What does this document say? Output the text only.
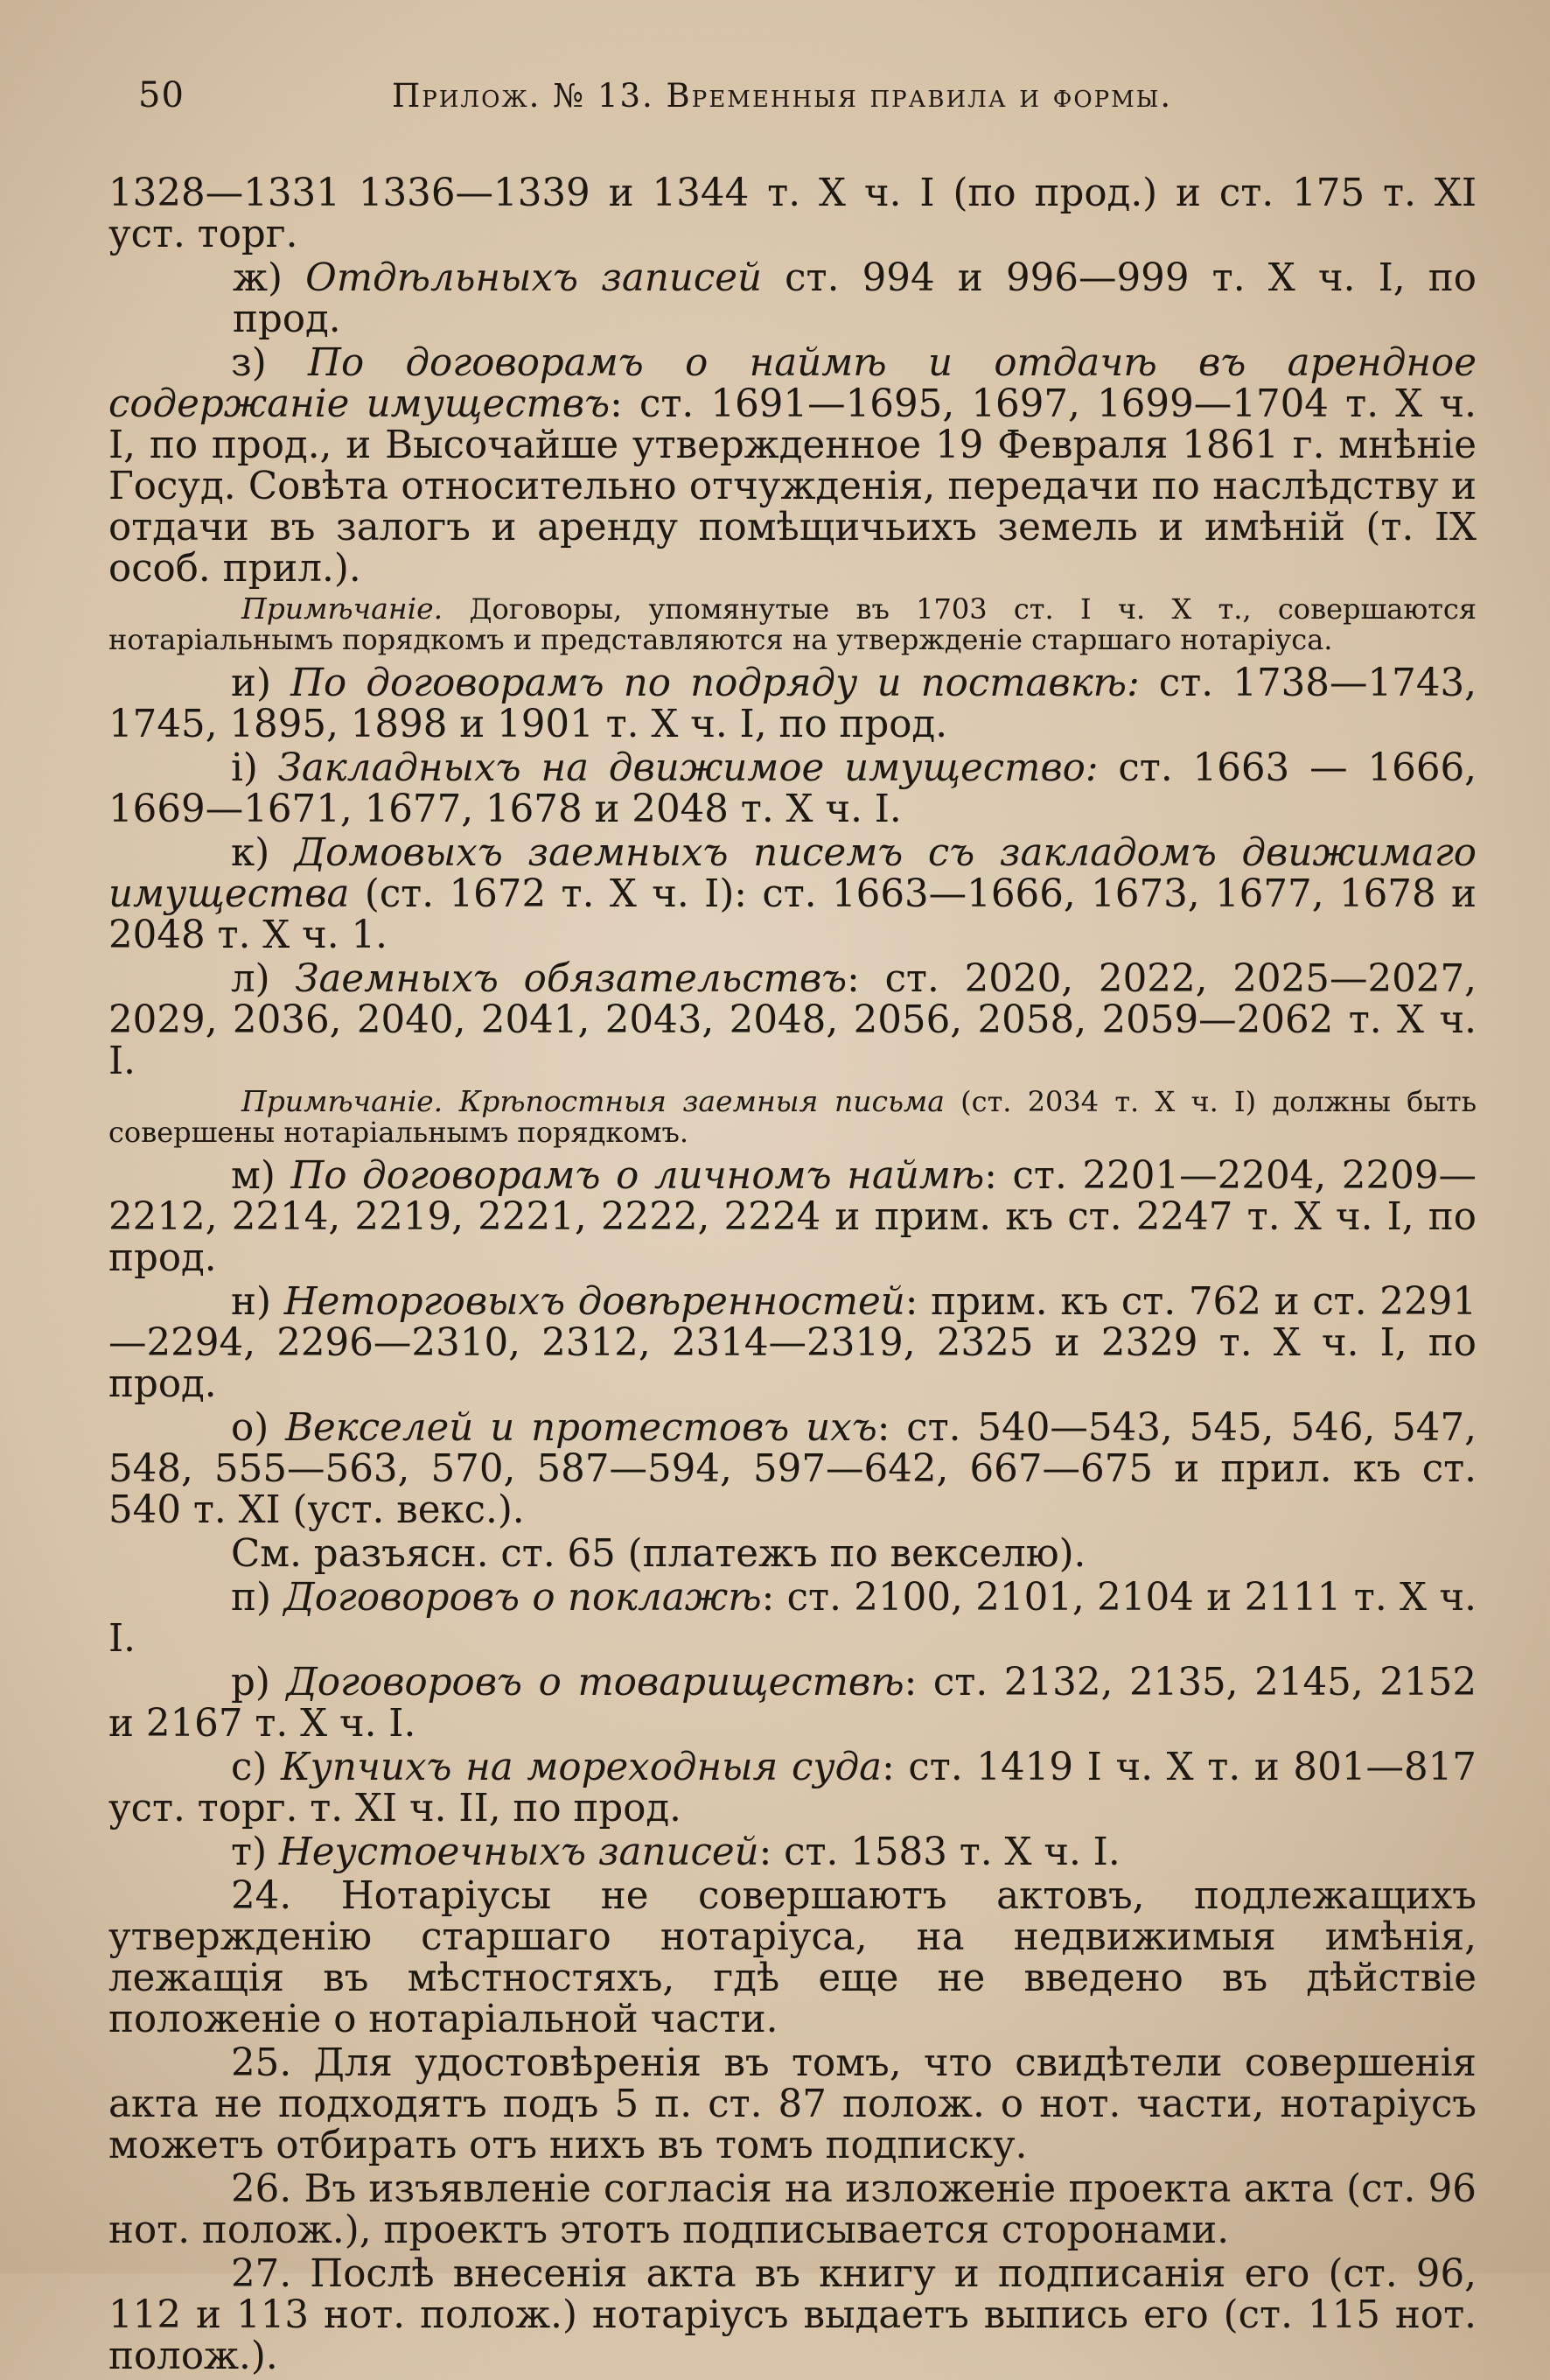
50	Прилож. № 13. Временныя правила и формы.

1328—1331 1336—1339 и 1344 т. X ч. I (по прод.) и ст. 175 т. XI уст. торг.

ж) Отдѣльныхъ записей ст. 994 и 996—999 т. X ч. I, по прод.

з) По договорамъ о наймѣ и отдачѣ въ арендное содержаніе имуществъ: ст. 1691—1695, 1697, 1699—1704 т. X ч. I, по прод., и Высочайше утвержденное 19 Февраля 1861 г. мнѣніе Госуд. Совѣта относительно отчужденія, передачи по наслѣдству и отдачи въ залогъ и аренду помѣщичьихъ земель и имѣній (т. IX особ. прил.).

Примѣчаніе. Договоры, упомянутые въ 1703 ст. I ч. X т., совершаются нотаріальнымъ порядкомъ и представляются на утвержденіе старшаго нотаріуса.

и) По договорамъ по подряду и поставкѣ: ст. 1738—1743, 1745, 1895, 1898 и 1901 т. X ч. I, по прод.

і) Закладныхъ на движимое имущество: ст. 1663 — 1666, 1669—1671, 1677, 1678 и 2048 т. X ч. I.

к) Домовыхъ заемныхъ писемъ съ закладомъ движимаго имущества (ст. 1672 т. X ч. I): ст. 1663—1666, 1673, 1677, 1678 и 2048 т. X ч. 1.

л) Заемныхъ обязательствъ: ст. 2020, 2022, 2025—2027, 2029, 2036, 2040, 2041, 2043, 2048, 2056, 2058, 2059—2062 т. X ч. I.

Примѣчаніе. Крѣпостныя заемныя письма (ст. 2034 т. X ч. I) должны быть совершены нотаріальнымъ порядкомъ.

м) По договорамъ о личномъ наймѣ: ст. 2201—2204, 2209—2212, 2214, 2219, 2221, 2222, 2224 и прим. къ ст. 2247 т. X ч. I, по прод.

н) Неторговыхъ довѣренностей: прим. къ ст. 762 и ст. 2291—2294, 2296—2310, 2312, 2314—2319, 2325 и 2329 т. X ч. I, по прод.

о) Векселей и протестовъ ихъ: ст. 540—543, 545, 546, 547, 548, 555—563, 570, 587—594, 597—642, 667—675 и прил. къ ст. 540 т. XI (уст. векс.).

См. разъясн. ст. 65 (платежъ по векселю).

п) Договоровъ о поклажѣ: ст. 2100, 2101, 2104 и 2111 т. X ч. I.

р) Договоровъ о товариществѣ: ст. 2132, 2135, 2145, 2152 и 2167 т. X ч. I.

с) Купчихъ на мореходныя суда: ст. 1419 I ч. X т. и 801—817 уст. торг. т. XI ч. II, по прод.

т) Неустоечныхъ записей: ст. 1583 т. X ч. I.

24. Нотаріусы не совершаютъ актовъ, подлежащихъ утвержденію старшаго нотаріуса, на недвижимыя имѣнія, лежащія въ мѣстностяхъ, гдѣ еще не введено въ дѣйствіе положеніе о нотаріальной части.

25. Для удостовѣренія въ томъ, что свидѣтели совершенія акта не подходятъ подъ 5 п. ст. 87 полож. о нот. части, нотаріусъ можетъ отбирать отъ нихъ въ томъ подписку.

26. Въ изъявленіе согласія на изложеніе проекта акта (ст. 96 нот. полож.), проектъ этотъ подписывается сторонами.

27. Послѣ внесенія акта въ книгу и подписанія его (ст. 96, 112 и 113 нот. полож.) нотаріусъ выдаетъ выпись его (ст. 115 нот. полож.).
